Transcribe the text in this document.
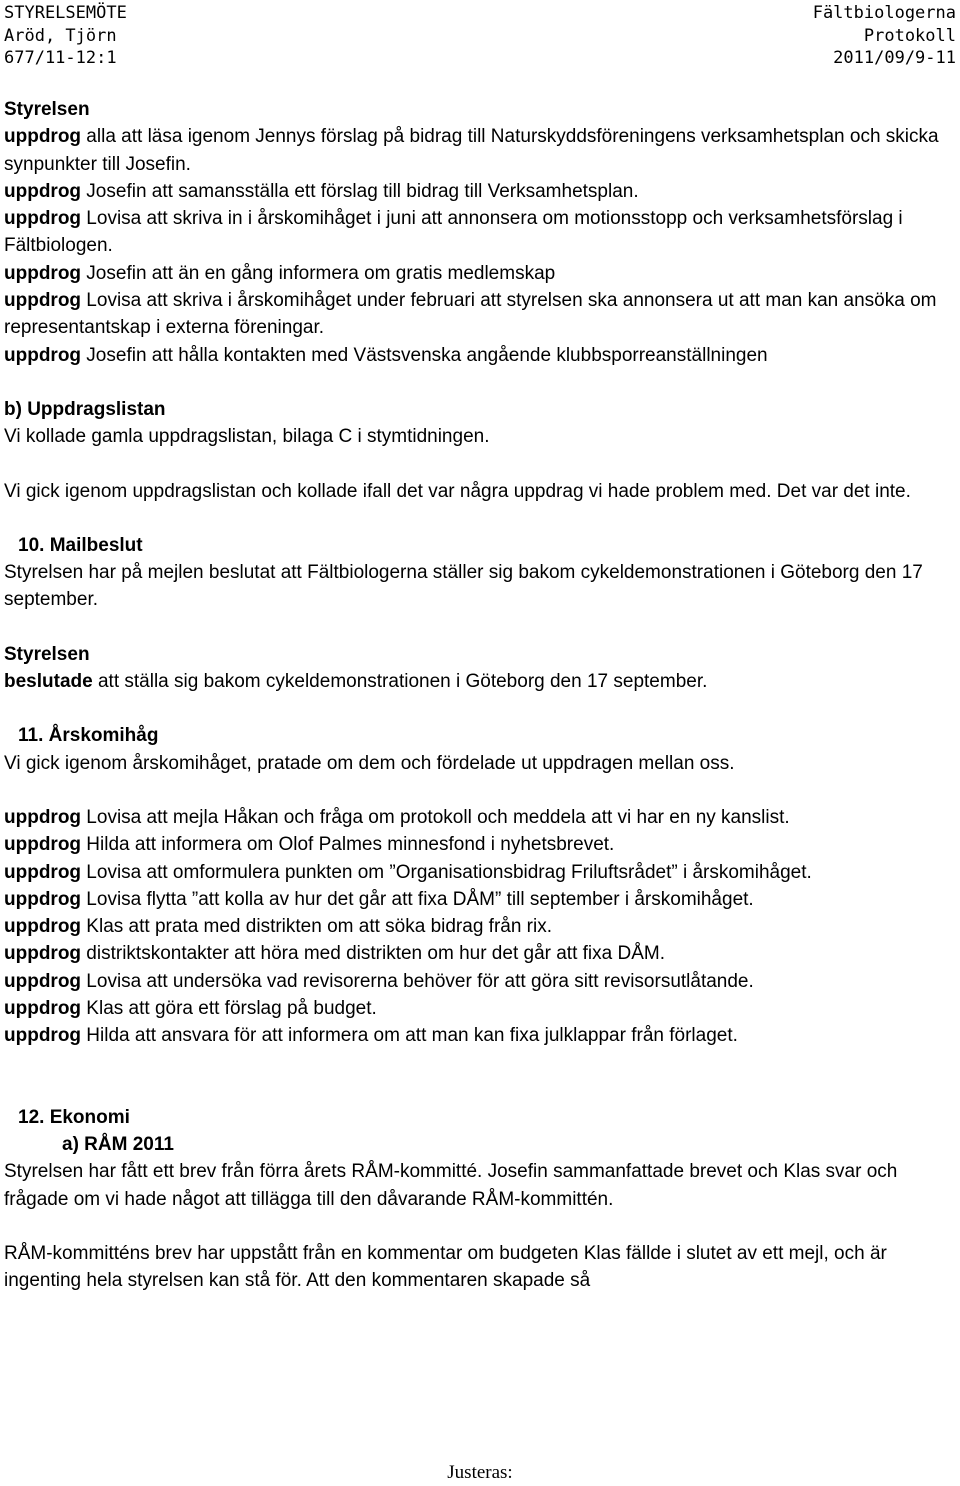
STYRELSEMÖTE
Aröd, Tjörn
677/11-12:1
Fältbiologerna
Protokoll
2011/09/9-11
Styrelsen

uppdrog alla att läsa igenom Jennys förslag på bidrag till Naturskyddsföreningens verksamhetsplan och skicka synpunkter till Josefin.

uppdrog Josefin att samansställa ett förslag till bidrag till Verksamhetsplan.

uppdrog Lovisa att skriva in i årskomihåget i juni att annonsera om motionsstopp och verksamhetsförslag i Fältbiologen.

uppdrog Josefin att än en gång informera om gratis medlemskap

uppdrog Lovisa att skriva i årskomihåget under februari att styrelsen ska annonsera ut att man kan ansöka om representantskap i externa föreningar.

uppdrog Josefin att hålla kontakten med Västsvenska angående klubbsporreanställningen

b) Uppdragslistan

Vi kollade gamla uppdragslistan, bilaga C i stymtidningen.

Vi gick igenom uppdragslistan och kollade ifall det var några uppdrag vi hade problem med. Det var det inte.

10. Mailbeslut

Styrelsen har på mejlen beslutat att Fältbiologerna ställer sig bakom cykeldemonstrationen i Göteborg den 17 september.

Styrelsen

beslutade att ställa sig bakom cykeldemonstrationen i Göteborg den 17 september.

11. Årskomihåg

Vi gick igenom årskomihåget, pratade om dem och fördelade ut uppdragen mellan oss.

uppdrog Lovisa att mejla Håkan och fråga om protokoll och meddela att vi har en ny kanslist.

uppdrog Hilda att informera om Olof Palmes minnesfond i nyhetsbrevet.

uppdrog Lovisa att omformulera punkten om ”Organisationsbidrag Friluftsrådet” i årskomihåget.

uppdrog Lovisa flytta ”att kolla av hur det går att fixa DÅM” till september i årskomihåget.

uppdrog Klas att prata med distrikten om att söka bidrag från rix.

uppdrog distriktskontakter att höra med distrikten om hur det går att fixa DÅM.

uppdrog Lovisa att undersöka vad revisorerna behöver för att göra sitt revisorsutlåtande.

uppdrog Klas att göra ett förslag på budget.

uppdrog Hilda att ansvara för att informera om att man kan fixa julklappar från förlaget.

12. Ekonomi
a) RÅM 2011

Styrelsen har fått ett brev från förra årets RÅM-kommitté. Josefin sammanfattade brevet och Klas svar och frågade om vi hade något att tillägga till den dåvarande RÅM-kommittén.

RÅM-kommitténs brev har uppstått från en kommentar om budgeten Klas fällde i slutet av ett mejl, och är ingenting hela styrelsen kan stå för. Att den kommentaren skapade så

Justeras:
